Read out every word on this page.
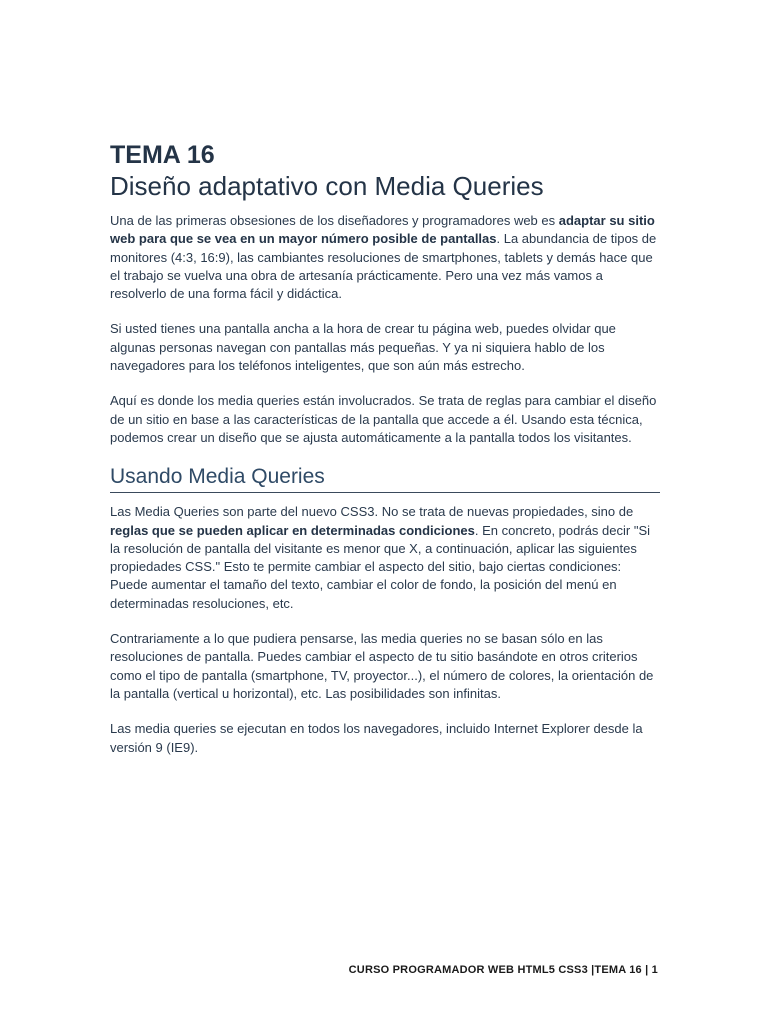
TEMA 16
Diseño adaptativo con Media Queries

Una de las primeras obsesiones de los diseñadores y programadores web es adaptar su sitio web para que se vea en un mayor número posible de pantallas. La abundancia de tipos de monitores (4:3, 16:9), las cambiantes resoluciones de smartphones, tablets y demás hace que el trabajo se vuelva una obra de artesanía prácticamente. Pero una vez más vamos a resolverlo de una forma fácil y didáctica.

Si usted tienes una pantalla ancha a la hora de crear tu página web, puedes olvidar que algunas personas navegan con pantallas más pequeñas. Y ya ni siquiera hablo de los navegadores para los teléfonos inteligentes, que son aún más estrecho.

Aquí es donde los media queries están involucrados. Se trata de reglas para cambiar el diseño de un sitio en base a las características de la pantalla que accede a él. Usando esta técnica, podemos crear un diseño que se ajusta automáticamente a la pantalla todos los visitantes.

Usando Media Queries

Las Media Queries son parte del nuevo CSS3. No se trata de nuevas propiedades, sino de reglas que se pueden aplicar en determinadas condiciones. En concreto, podrás decir "Si la resolución de pantalla del visitante es menor que X, a continuación, aplicar las siguientes propiedades CSS." Esto te permite cambiar el aspecto del sitio, bajo ciertas condiciones: Puede aumentar el tamaño del texto, cambiar el color de fondo, la posición del menú en determinadas resoluciones, etc.

Contrariamente a lo que pudiera pensarse, las media queries no se basan sólo en las resoluciones de pantalla. Puedes cambiar el aspecto de tu sitio basándote en otros criterios como el tipo de pantalla (smartphone, TV, proyector...), el número de colores, la orientación de la pantalla (vertical u horizontal), etc. Las posibilidades son infinitas.

Las media queries se ejecutan en todos los navegadores, incluido Internet Explorer desde la versión 9 (IE9).

CURSO PROGRAMADOR WEB HTML5 CSS3 |TEMA 16 | 1
